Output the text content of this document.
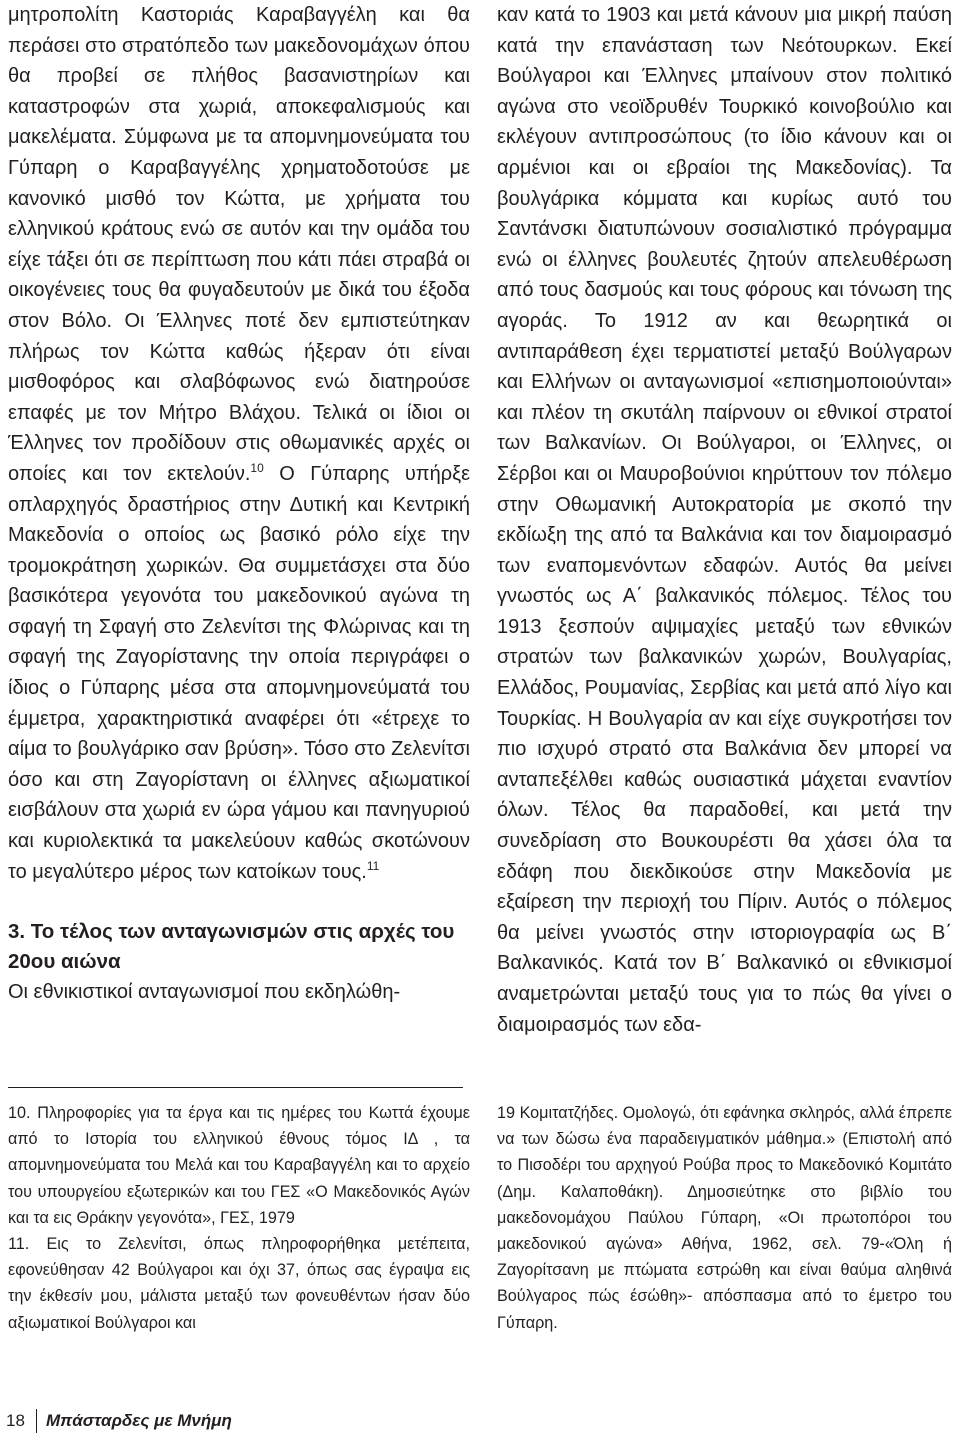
μητροπολίτη Καστοριάς Καραβαγγέλη και θα περάσει στο στρατόπεδο των μακεδονομάχων όπου θα προβεί σε πλήθος βασανιστηρίων και καταστροφών στα χωριά, αποκεφαλισμούς και μακελέματα. Σύμφωνα με τα απομνημονεύματα του Γύπαρη ο Καραβαγγέλης χρηματοδοτούσε με κανονικό μισθό τον Κώττα, με χρήματα του ελληνικού κράτους ενώ σε αυτόν και την ομάδα του είχε τάξει ότι σε περίπτωση που κάτι πάει στραβά οι οικογένειες τους θα φυγαδευτούν με δικά του έξοδα στον Βόλο. Οι Έλληνες ποτέ δεν εμπιστεύτηκαν πλήρως τον Κώττα καθώς ήξεραν ότι είναι μισθοφόρος και σλαβόφωνος ενώ διατηρούσε επαφές με τον Μήτρο Βλάχου. Τελικά οι ίδιοι οι Έλληνες τον προδίδουν στις οθωμανικές αρχές οι οποίες και τον εκτελούν.$^{10}$ Ο Γύπαρης υπήρξε οπλαρχηγός δραστήριος στην Δυτική και Κεντρική Μακεδονία ο οποίος ως βασικό ρόλο είχε την τρομοκράτηση χωρικών. Θα συμμετάσχει στα δύο βασικότερα γεγονότα του μακεδονικού αγώνα τη σφαγή τη Σφαγή στο Ζελενίτσι της Φλώρινας και τη σφαγή της Ζαγορίστανης την οποία περιγράφει ο ίδιος ο Γύπαρης μέσα στα απομνημονεύματά του έμμετρα, χαρακτηριστικά αναφέρει ότι «έτρεχε το αίμα το βουλγάρικο σαν βρύση». Τόσο στο Ζελενίτσι όσο και στη Ζαγορίστανη οι έλληνες αξιωματικοί εισβάλουν στα χωριά εν ώρα γάμου και πανηγυριού και κυριολεκτικά τα μακελεύουν καθώς σκοτώνουν το μεγαλύτερο μέρος των κατοίκων τους.$^{11}$

3. Το τέλος των ανταγωνισμών στις αρχές του 20ου αιώνα

Οι εθνικιστικοί ανταγωνισμοί που εκδηλώθη-

καν κατά το 1903 και μετά κάνουν μια μικρή παύση κατά την επανάσταση των Νεότουρκων. Εκεί Βούλγαροι και Έλληνες μπαίνουν στον πολιτικό αγώνα στο νεοϊδρυθέν Τουρκικό κοινοβούλιο και εκλέγουν αντιπροσώπους (το ίδιο κάνουν και οι αρμένιοι και οι εβραίοι της Μακεδονίας). Τα βουλγάρικα κόμματα και κυρίως αυτό του Σαντάνσκι διατυπώνουν σοσιαλιστικό πρόγραμμα ενώ οι έλληνες βουλευτές ζητούν απελευθέρωση από τους δασμούς και τους φόρους και τόνωση της αγοράς. Το 1912 αν και θεωρητικά οι αντιπαράθεση έχει τερματιστεί μεταξύ Βούλγαρων και Ελλήνων οι ανταγωνισμοί «επισημοποιούνται» και πλέον τη σκυτάλη παίρνουν οι εθνικοί στρατοί των Βαλκανίων. Οι Βούλγαροι, οι Έλληνες, οι Σέρβοι και οι Μαυροβούνιοι κηρύττουν τον πόλεμο στην Οθωμανική Αυτοκρατορία με σκοπό την εκδίωξη της από τα Βαλκάνια και τον διαμοιρασμό των εναπομενόντων εδαφών. Αυτός θα μείνει γνωστός ως Α΄ βαλκανικός πόλεμος. Τέλος του 1913 ξεσπούν αψιμαχίες μεταξύ των εθνικών στρατών των βαλκανικών χωρών, Βουλγαρίας, Ελλάδος, Ρουμανίας, Σερβίας και μετά από λίγο και Τουρκίας. Η Βουλγαρία αν και είχε συγκροτήσει τον πιο ισχυρό στρατό στα Βαλκάνια δεν μπορεί να ανταπεξέλθει καθώς ουσιαστικά μάχεται εναντίον όλων. Τέλος θα παραδοθεί, και μετά την συνεδρίαση στο Βουκουρέστι θα χάσει όλα τα εδάφη που διεκδικούσε στην Μακεδονία με εξαίρεση την περιοχή του Πίριν. Αυτός ο πόλεμος θα μείνει γνωστός στην ιστοριογραφία ως Β΄ Βαλκανικός. Κατά τον Β΄ Βαλκανικό οι εθνικισμοί αναμετρώνται μεταξύ τους για το πώς θα γίνει ο διαμοιρασμός των εδα-

10. Πληροφορίες για τα έργα και τις ημέρες του Κωττά έχουμε από το Ιστορία του ελληνικού έθνους τόμος ΙΔ , τα απομνημονεύματα του Μελά και του Καραβαγγέλη και το αρχείο του υπουργείου εξωτερικών και του ΓΕΣ «Ο Μακεδονικός Αγών και τα εις Θράκην γεγονότα», ΓΕΣ, 1979

11. Εις το Ζελενίτσι, όπως πληροφορήθηκα μετέπειτα, εφονεύθησαν 42 Βούλγαροι και όχι 37, όπως σας έγραψα εις την έκθεσίν μου, μάλιστα μεταξύ των φονευθέντων ήσαν δύο αξιωματικοί Βούλγαροι και

19 Κομιτατζήδες. Ομολογώ, ότι εφάνηκα σκληρός, αλλά έπρεπε να των δώσω ένα παραδειγματικόν μάθημα.» (Επιστολή από το Πισοδέρι του αρχηγού Ρούβα προς το Μακεδονικό Κομιτάτο (Δημ. Καλαποθάκη). Δημοσιεύτηκε στο βιβλίο του μακεδονομάχου Παύλου Γύπαρη, «Οι πρωτοπόροι του μακεδονικού αγώνα» Αθήνα, 1962, σελ. 79-«Όλη ή Ζαγορίτσανη με πτώματα εστρώθη και είναι θαύμα αληθινά Βούλγαρος πώς έσώθη»- απόσπασμα από το έμετρο του Γύπαρη.

18 Μπάσταρδες με Μνήμη
